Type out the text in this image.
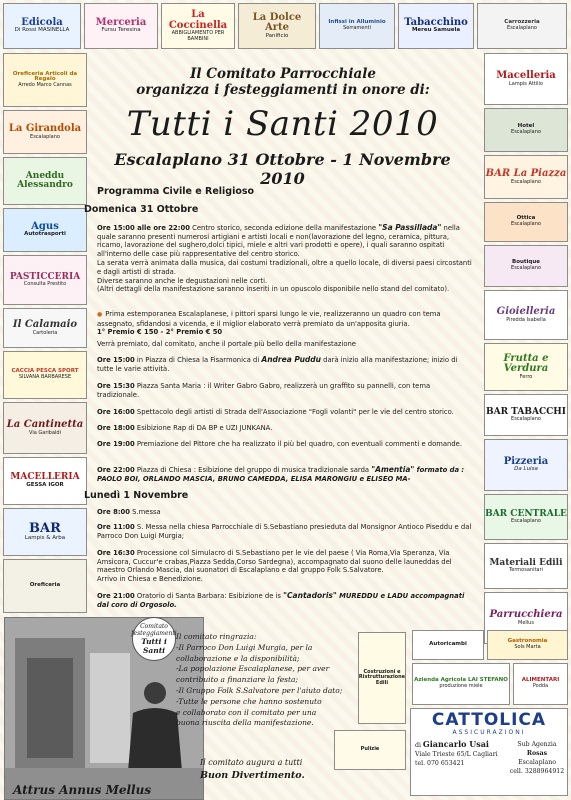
Edicola
Di Rossi MASINELLA
Merceria
Fursu Teresina
La Coccinella
ABBIGLIAMENTO PER BAMBINI
La Dolce Arte
Panificio
Infissi in Alluminio
Serramenti
Tabacchino
Mereu Samuela
Carrozzeria
Escalaplano
Oreficeria Articoli da Regalo
Arredo Marco Cannas
La Girandola
Escalaplano
Aneddu Alessandro
Agus
Autotrasporti
PASTICCERIA
Consulta Prestito
Il Calamaio
Cartoleria
CACCIA PESCA SPORT
SILVANA BARBARESE
La Cantinetta
Via Garibaldi
MACELLERIA
GESSA IGOR
BAR
Lampis & Arba
Oreficeria
Macelleria
Lampis Attilio
Hotel
Escalaplano
BAR La Piazza
Escalaplano
Ottica
Escalaplano
Boutique
Escalaplano
Gioielleria
Piredda Isabella
Frutta e Verdura
Ferro
BAR TABACCHI
Escalaplano
Pizzeria
Da Luisa
BAR CENTRALE
Escalaplano
Materiali Edili
Termosanitari
Parrucchiera
Mellus
Gastronomia
Sols Marta
ALIMENTARI
Podda
Autoricambi
Costruzioni e Ristrutturazione Edili	Azienda Agricola LAI STEFANO
produzione miele
Pulizie
CATTOLICA
ASSICURAZIONI
di Giancarlo Usai
Viale Trieste 65/L Cagliari
tel. 070 653421
Sub Agenzia
Rosas
Escalaplano
cell. 3288964912
Il Comitato Parrocchiale
organizza i festeggiamenti in onore di:
Tutti i Santi 2010
Escalaplano 31 Ottobre - 1 Novembre 2010
Programma Civile e Religioso
Domenica 31 Ottobre
Ore 15:00 alle ore 22:00 Centro storico, seconda edizione della manifestazione "Sa Passillada" nella quale saranno presenti numerosi artigiani e artisti locali e non(lavorazione del legno, ceramica, pittura, ricamo, lavorazione del sughero,dolci tipici, miele e altri vari prodotti e opere), i quali saranno ospitati all'interno delle case più rappresentative del centro storico.
La serata verrà animata dalla musica, dai costumi tradizionali, oltre a quello locale, di diversi paesi circostanti e dagli artisti di strada.
Diverse saranno anche le degustazioni nelle corti.
(Altri dettagli della manifestazione saranno inseriti in un opuscolo disponibile nello stand del comitato).
● Prima estemporanea Escalaplanese, i pittori sparsi lungo le vie, realizzeranno un quadro con tema assegnato, sfidandosi a vicenda, e il miglior elaborato verrà premiato da un'apposita giuria.
1° Premio € 150 - 2° Premio € 50
Verrà premiato, dal comitato, anche il portale più bello della manifestazione
Ore 15:00 in Piazza di Chiesa la Fisarmonica di Andrea Puddu darà inizio alla manifestazione; inizio di tutte le varie attività.
Ore 15:30 Piazza Santa Maria : il Writer Gabro Gabro, realizzerà un graffito su pannelli, con tema tradizionale.
Ore 16:00 Spettacolo degli artisti di Strada dell'Associazione "Fogli volanti" per le vie del centro storico.
Ore 18:00 Esibizione Rap di DA BP e UZI JUNKANA.
Ore 19:00 Premiazione del Pittore che ha realizzato il più bel quadro, con eventuali commenti e domande.
Ore 22:00 Piazza di Chiesa : Esibizione del gruppo di musica tradizionale sarda "Amentia" formato da : PAOLO BOI, ORLANDO MASCIA, BRUNO CAMEDDA, ELISA MARONGIU e ELISEO MA-
Lunedì 1 Novembre
Ore 8:00 S.messa
Ore 11:00 S. Messa nella chiesa Parrocchiale di S.Sebastiano presieduta dal Monsignor Antioco Piseddu e dal Parroco Don Luigi Murgia;
Ore 16:30 Processione col Simulacro di S.Sebastiano per le vie del paese ( Via Roma,Via Speranza, Via Amsicora, Cuccur'e crabas,Piazza Sedda,Corso Sardegna), accompagnato dal suono delle launeddas del maestro Orlando Mascia, dai suonatori di Escalaplano e dal gruppo Folk S.Salvatore.
Arrivo in Chiesa e Benedizione.
Ore 21:00 Oratorio di Santa Barbara: Esibizione de is "Cantadoris" MUREDDU e LADU accompagnati dal coro di Orgosolo.
Attrus Annus Mellus
Comitato festeggiamenti
Tutti i Santi
Il comitato ringrazia:
-Il Parroco Don Luigi Murgia, per la
collaborazione e la disponibilità;
-La popolazione Escalaplanese, per aver
contribuito a finanziare la festa;
-Il Gruppo Folk S.Salvatore per l'aiuto dato;
-Tutte le persone che hanno sostenuto
e collaborato con il comitato per una
buona riuscita della manifestazione.
Il comitato augura a tutti
Buon Divertimento.
